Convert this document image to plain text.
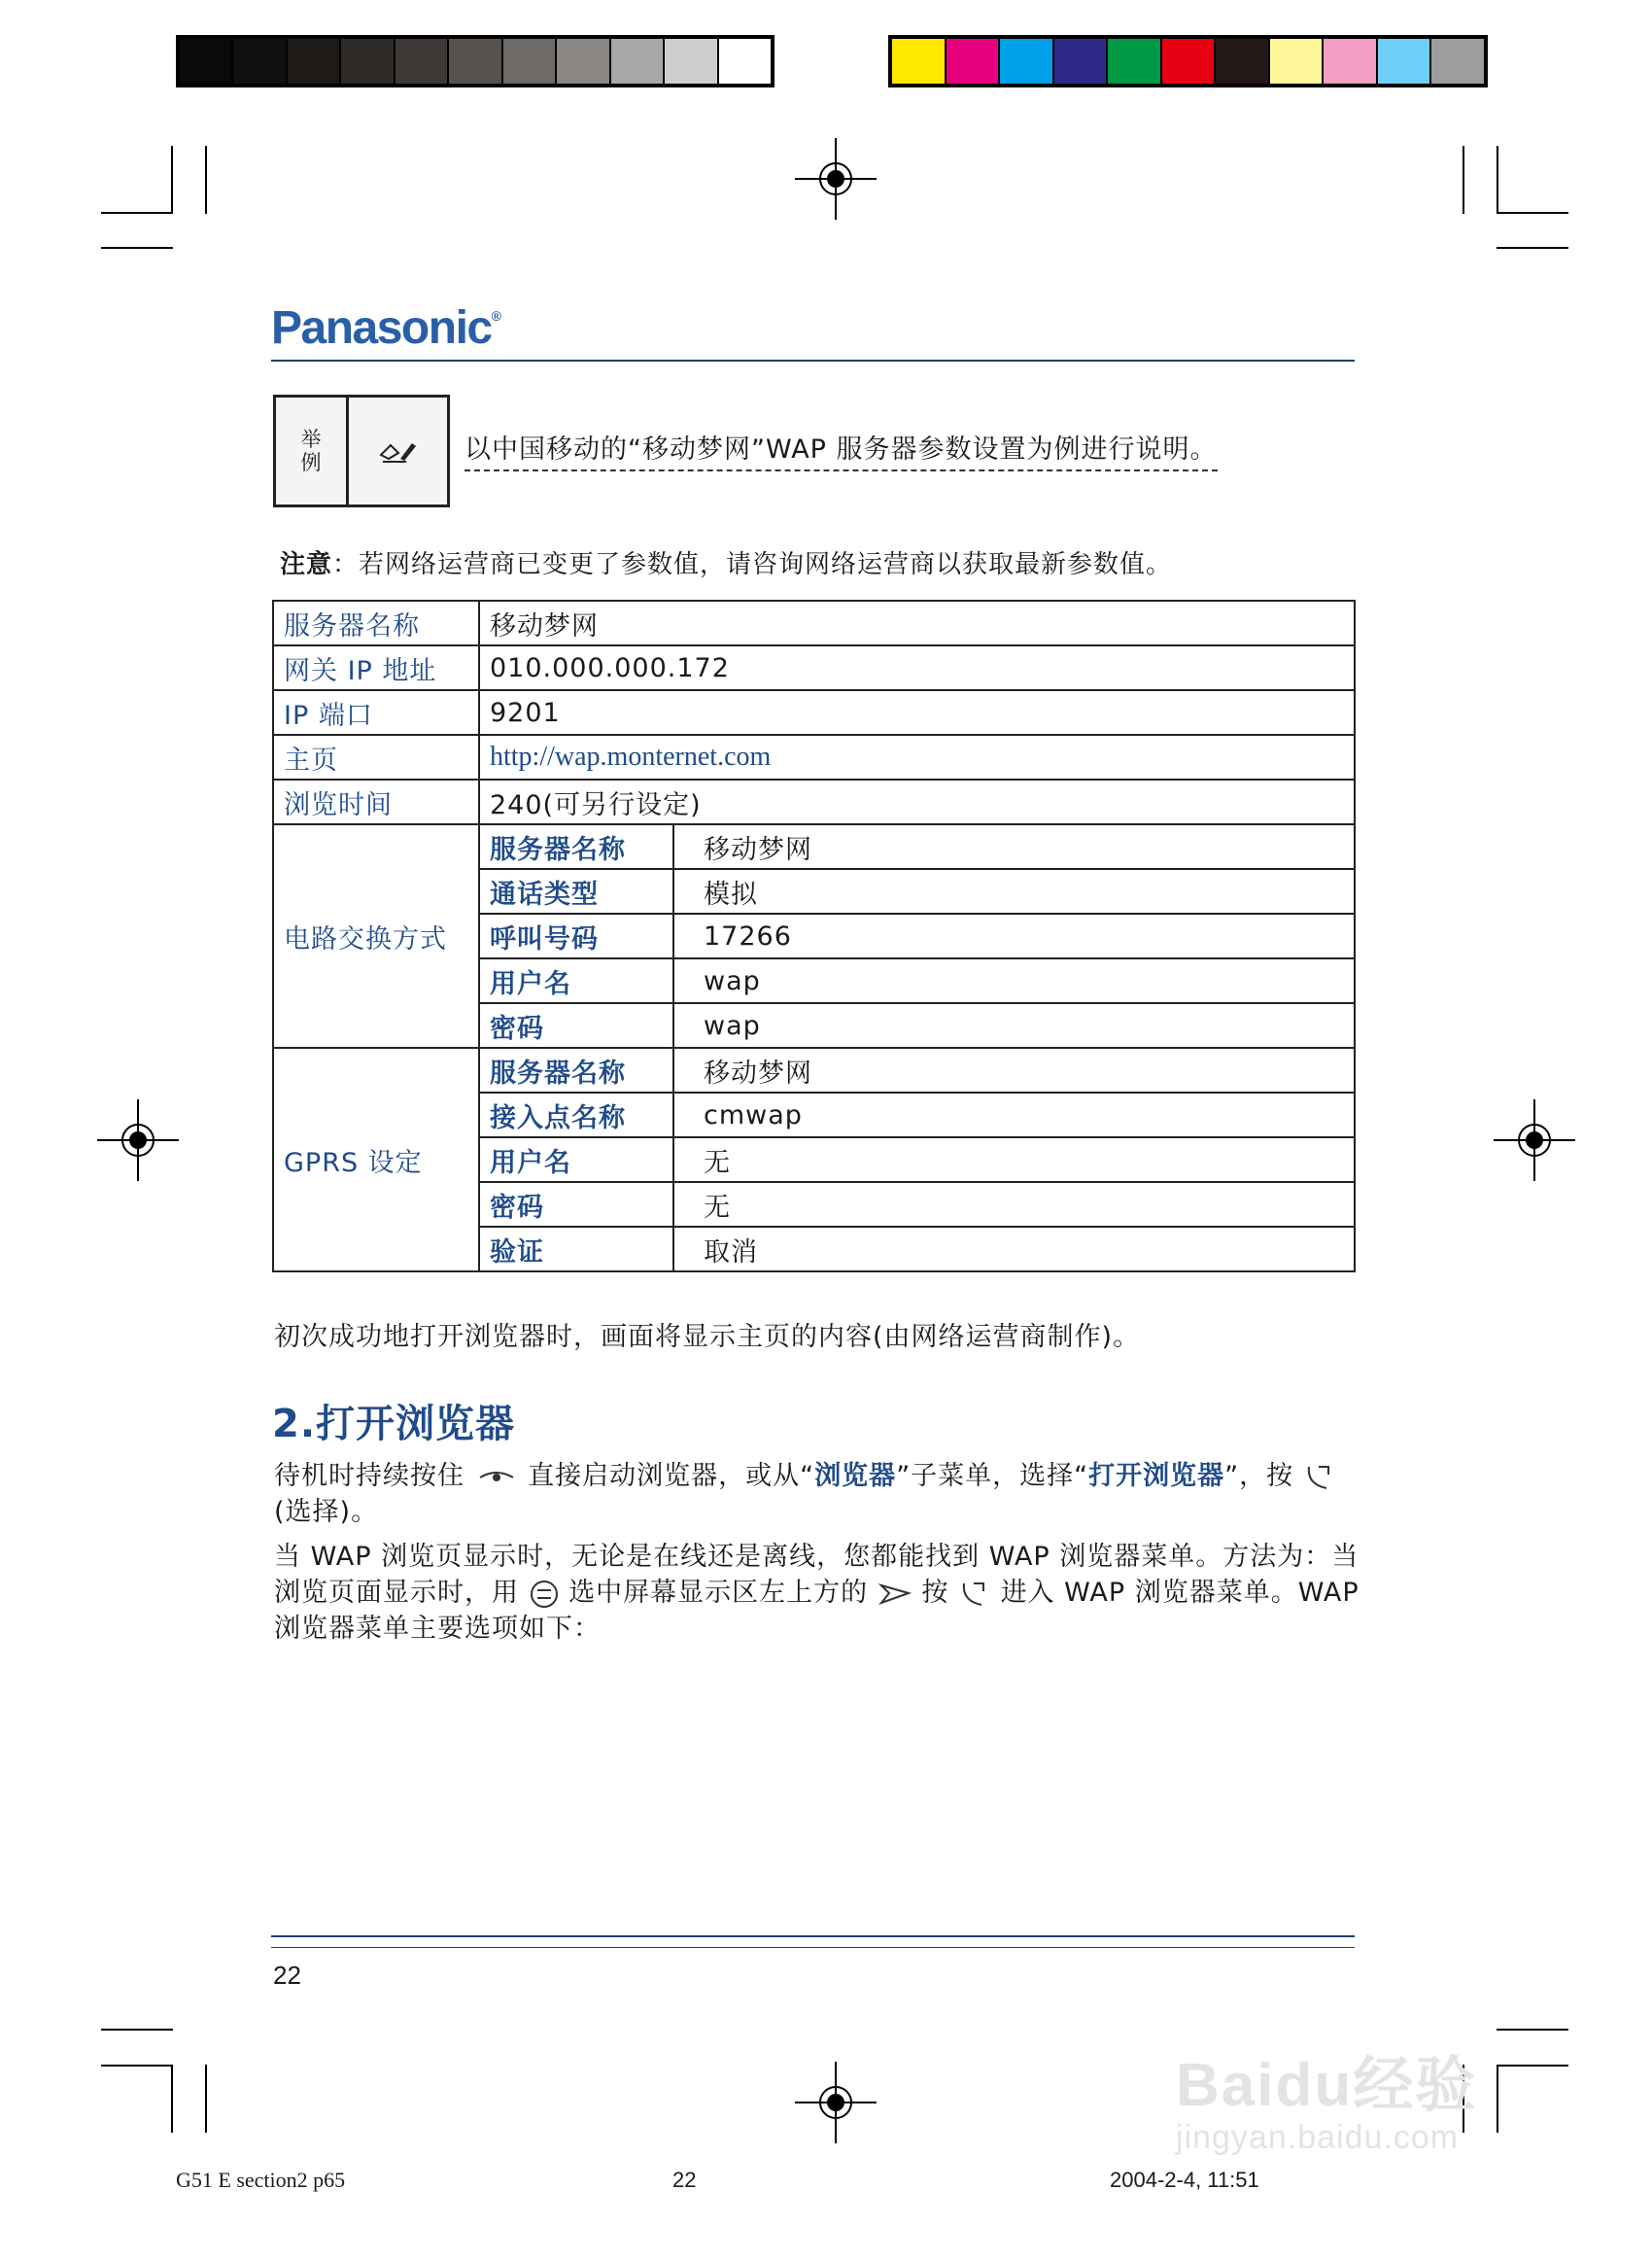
Panasonic®
举
例	以中国移动的“移动梦网”WAP 服务器参数设置为例进行说明。
注意：若网络运营商已变更了参数值，请咨询网络运营商以获取最新参数值。
服务器名称	移动梦网	
网关 IP 地址	010.000.000.172	
IP 端口	9201	
主页	http://wap.monternet.com	
浏览时间	240(可另行设定)	
电路交换方式	服务器名称	移动梦网
	通话类型	模拟
	呼叫号码	17266
	用户名	wap
	密码	wap
GPRS 设定	服务器名称	移动梦网
	接入点名称	cmwap
	用户名	无
	密码	无
	验证	取消
初次成功地打开浏览器时，画面将显示主页的内容(由网络运营商制作)。
2.打开浏览器
待机时持续按住 直接启动浏览器，或从“浏览器”子菜单，选择“打开浏览器”，按  (选择)。
当 WAP 浏览页显示时，无论是在线还是离线，您都能找到 WAP 浏览器菜单。方法为：当浏览页面显示时，用 选中屏幕显示区左上方的 按 进入 WAP 浏览器菜单。WAP 浏览器菜单主要选项如下：
22
G51 E section2 p65	22	2004-2-4, 11:51
Baidu经验
jingyan.baidu.com
